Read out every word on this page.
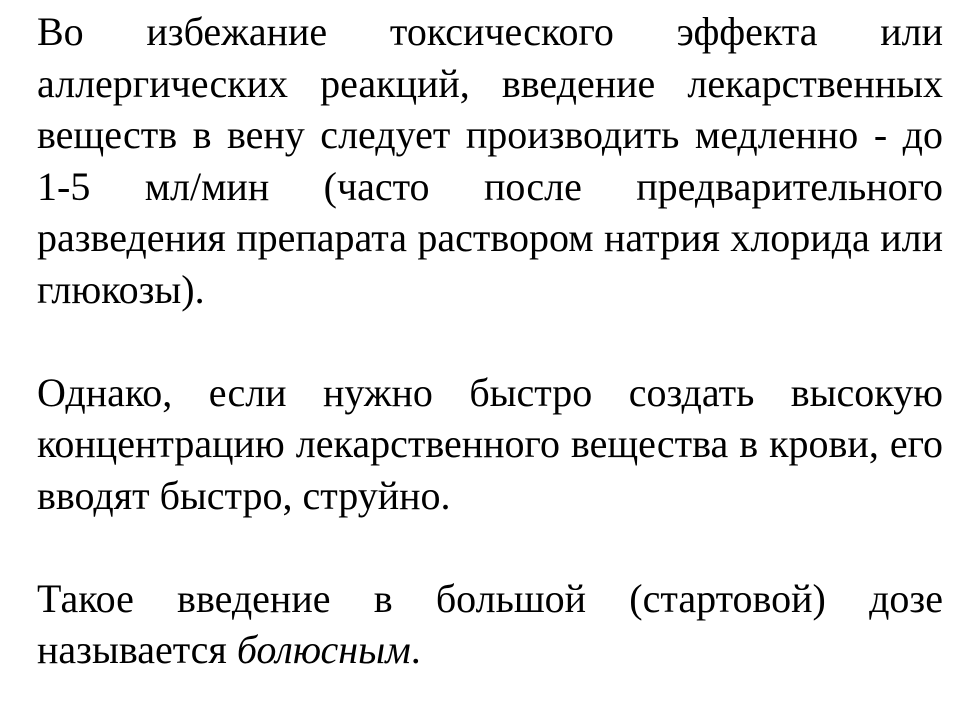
Во избежание токсического эффекта или аллергических реакций, введение лекарственных веществ в вену следует производить медленно - до 1-5 мл/мин (часто после предварительного разведения препарата раствором натрия хлорида или глюкозы).

Однако, если нужно быстро создать высокую концентрацию лекарственного вещества в крови, его вводят быстро, струйно.

Такое введение в большой (стартовой) дозе называется болюсным.
